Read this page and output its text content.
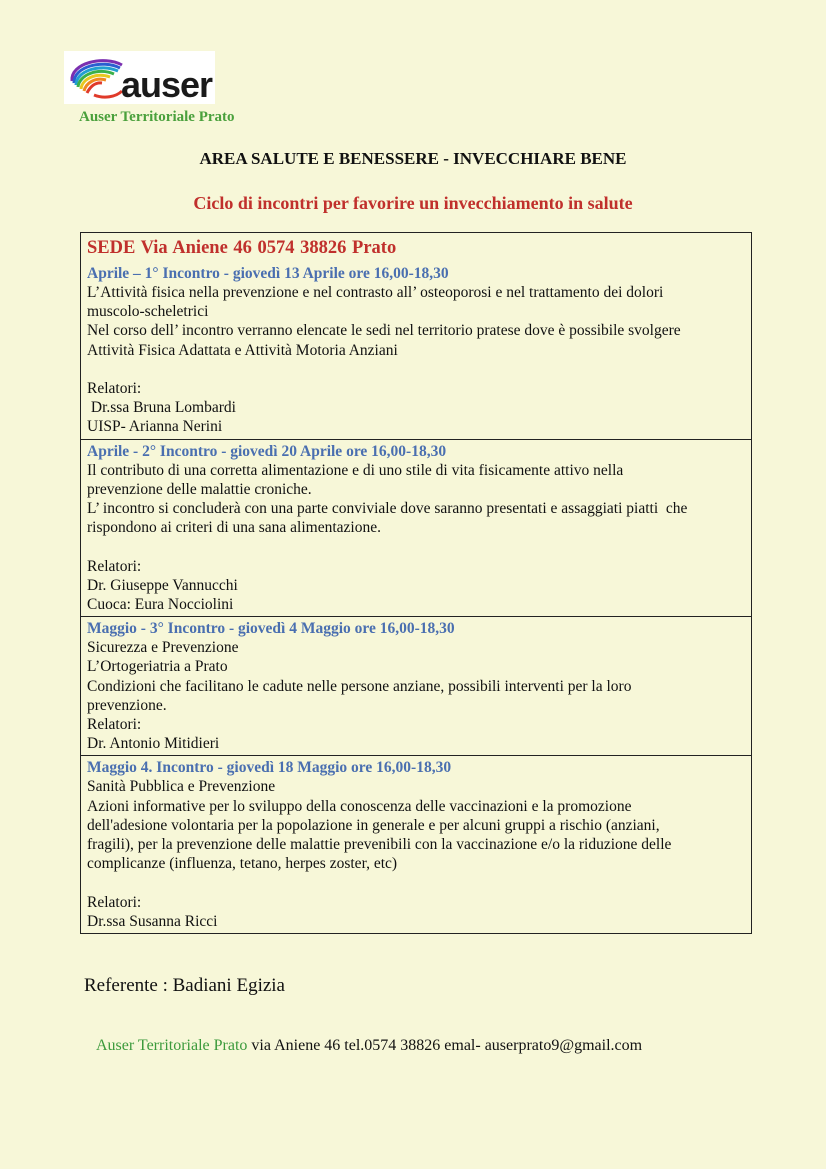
auser
Auser Territoriale Prato
AREA SALUTE E BENESSERE - INVECCHIARE BENE
Ciclo di incontri per favorire un invecchiamento in salute
SEDE Via Aniene 46 0574 38826 Prato
Aprile – 1° Incontro - giovedì 13 Aprile ore 16,00-18,30
L’Attività fisica nella prevenzione e nel contrasto all’ osteoporosi e nel trattamento dei dolori
muscolo-scheletrici
Nel corso dell’ incontro verranno elencate le sedi nel territorio pratese dove è possibile svolgere
Attività Fisica Adattata e Attività Motoria Anziani
Relatori:
Dr.ssa Bruna Lombardi
UISP- Arianna Nerini
Aprile - 2° Incontro - giovedì 20 Aprile ore 16,00-18,30
Il contributo di una corretta alimentazione e di uno stile di vita fisicamente attivo nella
prevenzione delle malattie croniche.
L’ incontro si concluderà con una parte conviviale dove saranno presentati e assaggiati piatti  che
rispondono ai criteri di una sana alimentazione.
Relatori:
Dr. Giuseppe Vannucchi
Cuoca: Eura Nocciolini
Maggio - 3° Incontro - giovedì 4 Maggio ore 16,00-18,30
Sicurezza e Prevenzione
L’Ortogeriatria a Prato
Condizioni che facilitano le cadute nelle persone anziane, possibili interventi per la loro
prevenzione.
Relatori:
Dr. Antonio Mitidieri
Maggio 4. Incontro - giovedì 18 Maggio ore 16,00-18,30
Sanità Pubblica e Prevenzione
Azioni informative per lo sviluppo della conoscenza delle vaccinazioni e la promozione
dell'adesione volontaria per la popolazione in generale e per alcuni gruppi a rischio (anziani,
fragili), per la prevenzione delle malattie prevenibili con la vaccinazione e/o la riduzione delle
complicanze (influenza, tetano, herpes zoster, etc)
Relatori:
Dr.ssa Susanna Ricci
Referente : Badiani Egizia
Auser Territoriale Prato via Aniene 46 tel.0574 38826 emal- auserprato9@gmail.com
